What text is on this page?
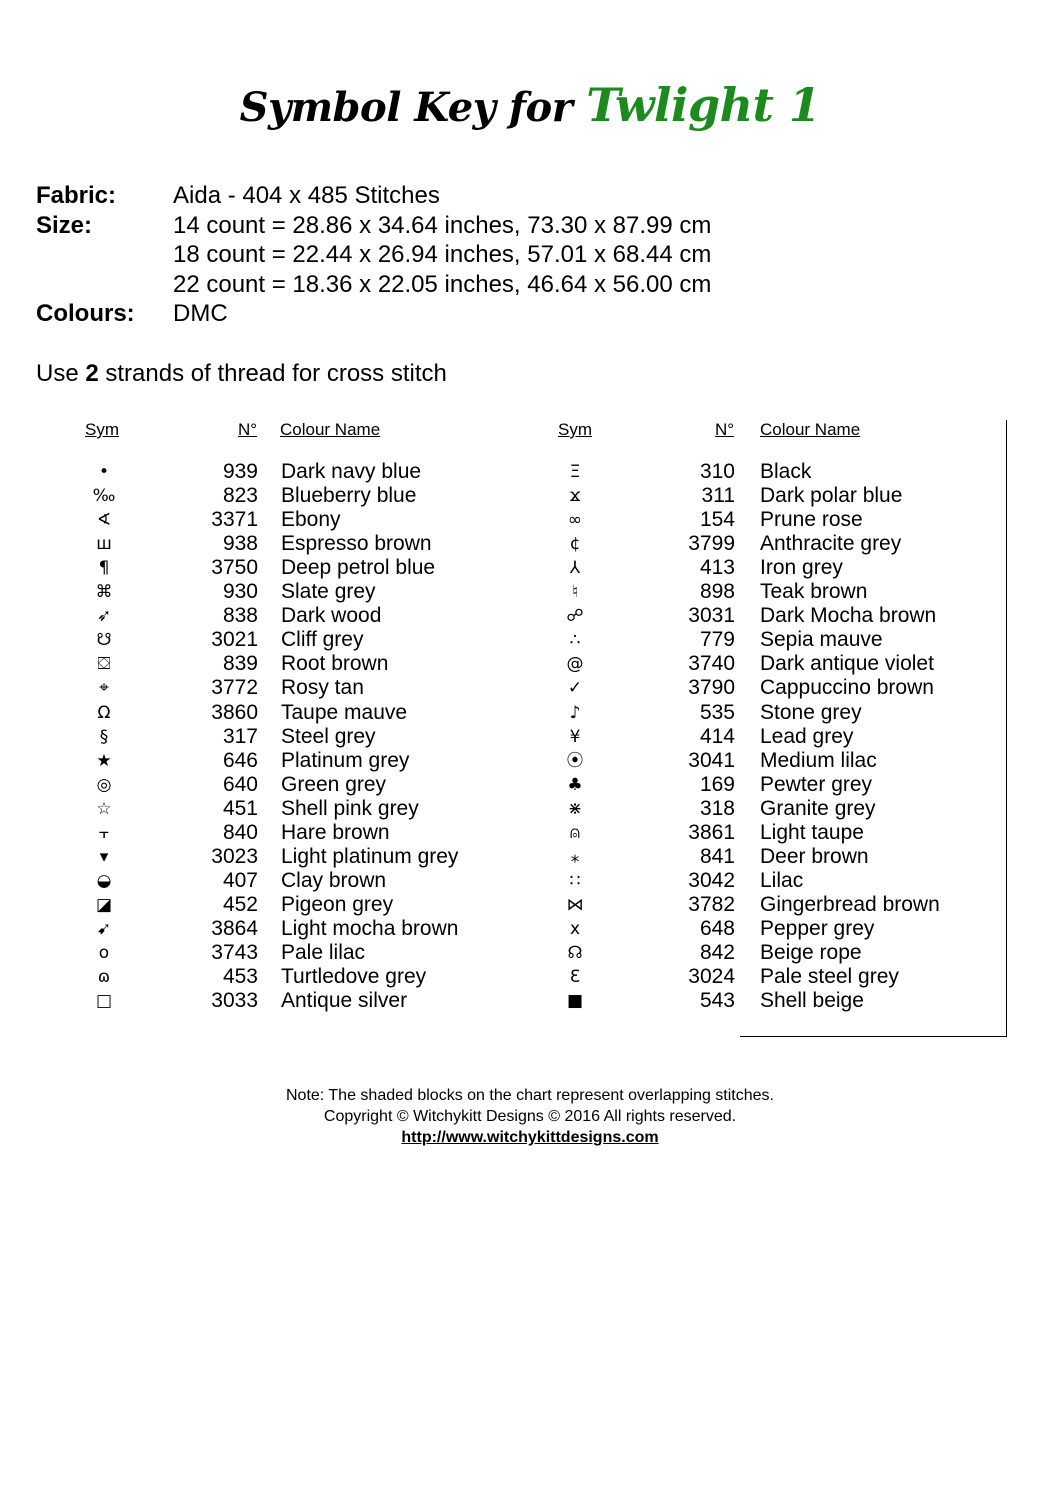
Symbol Key for Twlight 1
Fabric: Aida - 404 x 485 Stitches
Size:	14 count = 28.86 x 34.64 inches, 73.30 x 87.99 cm
18 count = 22.44 x 26.94 inches, 57.01 x 68.44 cm
22 count = 18.36 x 22.05 inches, 46.64 x 56.00 cm
Colours: DMC
Use 2 strands of thread for cross stitch
Sym	N° Colour Name	Sym	N° Colour Name
•	939 Dark navy blue
‰	823 Blueberry blue
∢	3371 Ebony
ш	938 Espresso brown
¶	3750 Deep petrol blue
⌘	930 Slate grey
➶	838 Dark wood
☋	3021 Cliff grey
⛋	839 Root brown
⌖	3772 Rosy tan
Ω	3860 Taupe mauve
§	317 Steel grey
★	646 Platinum grey
◎	640 Green grey
☆	451 Shell pink grey
⫟	840 Hare brown
▾	3023 Light platinum grey
◒	407 Clay brown
◪	452 Pigeon grey
➹	3864 Light mocha brown
o	3743 Pale lilac
ɷ	453 Turtledove grey
□	3033 Antique silver
Ξ	310 Black
ϫ	311 Dark polar blue
∞	154 Prune rose
¢	3799 Anthracite grey
⅄	413 Iron grey
♮	898 Teak brown
☍	3031 Dark Mocha brown
∴	779 Sepia mauve
@	3740 Dark antique violet
✓	3790 Cappuccino brown
♪	535 Stone grey
¥	414 Lead grey
⦿	3041 Medium lilac
♣	169 Pewter grey
⋇	318 Granite grey
⍝	3861 Light taupe
⁎	841 Deer brown
∷	3042 Lilac
⋈	3782 Gingerbread brown
x	648 Pepper grey
☊	842 Beige rope
Ɛ	3024 Pale steel grey
■	543 Shell beige
Note: The shaded blocks on the chart represent overlapping stitches.
Copyright © Witchykitt Designs © 2016 All rights reserved.
http://www.witchykittdesigns.com
